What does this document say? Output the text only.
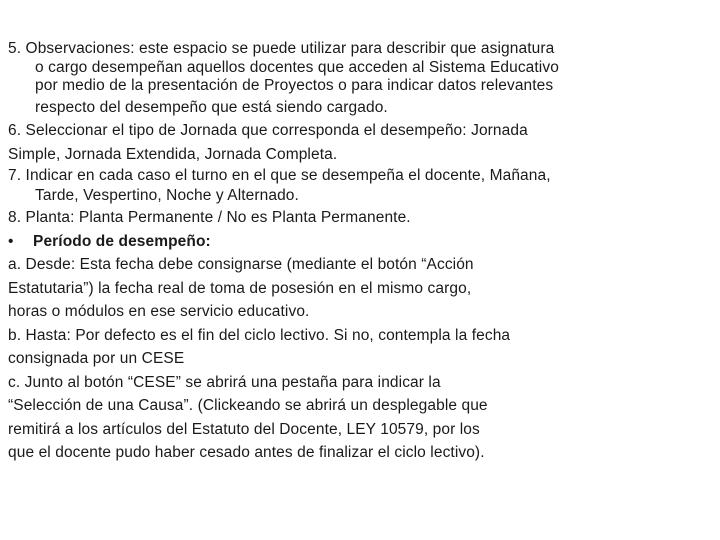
5. Observaciones: este espacio se puede utilizar para describir que asignatura
o cargo desempeñan aquellos docentes que acceden al Sistema Educativo
por medio de la presentación de Proyectos o para indicar datos relevantes
respecto del desempeño que está siendo cargado.
6. Seleccionar el tipo de Jornada que corresponda el desempeño: Jornada
Simple, Jornada Extendida, Jornada Completa.
7. Indicar en cada caso el turno en el que se desempeña el docente, Mañana,
Tarde, Vespertino, Noche y Alternado.
8. Planta: Planta Permanente / No es Planta Permanente.
• Período de desempeño:
a. Desde: Esta fecha debe consignarse (mediante el botón “Acción
Estatutaria”) la fecha real de toma de posesión en el mismo cargo,
horas o módulos en ese servicio educativo.
b. Hasta: Por defecto es el fin del ciclo lectivo. Si no, contempla la fecha
consignada por un CESE
c. Junto al botón “CESE” se abrirá una pestaña para indicar la
“Selección de una Causa”. (Clickeando se abrirá un desplegable que
remitirá a los artículos del Estatuto del Docente, LEY 10579, por los
que el docente pudo haber cesado antes de finalizar el ciclo lectivo).
